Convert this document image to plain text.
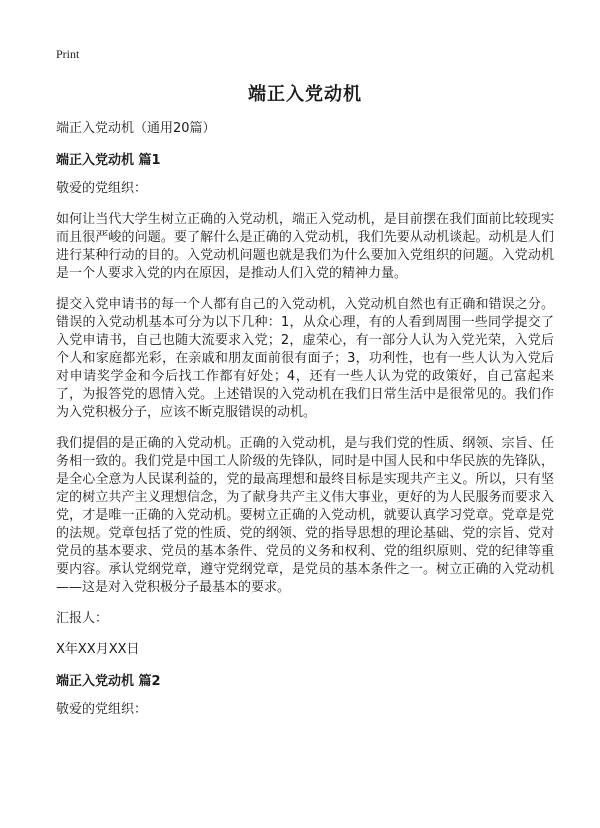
Print

端正入党动机

端正入党动机（通用20篇）

端正入党动机 篇1

敬爱的党组织：

如何让当代大学生树立正确的入党动机，端正入党动机，是目前摆在我们面前比较现实而且很严峻的问题。要了解什么是正确的入党动机，我们先要从动机谈起。动机是人们进行某种行动的目的。入党动机问题也就是我们为什么要加入党组织的问题。入党动机是一个人要求入党的内在原因，是推动人们入党的精神力量。

提交入党申请书的每一个人都有自己的入党动机，入党动机自然也有正确和错误之分。错误的入党动机基本可分为以下几种：1，从众心理，有的人看到周围一些同学提交了入党申请书，自己也随大流要求入党；2，虚荣心，有一部分人认为入党光荣，入党后个人和家庭都光彩，在亲戚和朋友面前很有面子；3，功利性，也有一些人认为入党后对申请奖学金和今后找工作都有好处；4，还有一些人认为党的政策好，自己富起来了，为报答党的恩情入党。上述错误的入党动机在我们日常生活中是很常见的。我们作为入党积极分子，应该不断克服错误的动机。

我们提倡的是正确的入党动机。正确的入党动机，是与我们党的性质、纲领、宗旨、任务相一致的。我们党是中国工人阶级的先锋队，同时是中国人民和中华民族的先锋队，是全心全意为人民谋利益的，党的最高理想和最终目标是实现共产主义。所以，只有坚定的树立共产主义理想信念，为了献身共产主义伟大事业，更好的为人民服务而要求入党，才是唯一正确的入党动机。要树立正确的入党动机，就要认真学习党章。党章是党的法规。党章包括了党的性质、党的纲领、党的指导思想的理论基础、党的宗旨、党对党员的基本要求、党员的基本条件、党员的义务和权利、党的组织原则、党的纪律等重要内容。承认党纲党章，遵守党纲党章，是党员的基本条件之一。树立正确的入党动机——这是对入党积极分子最基本的要求。

汇报人：

X年XX月XX日

端正入党动机 篇2

敬爱的党组织：
